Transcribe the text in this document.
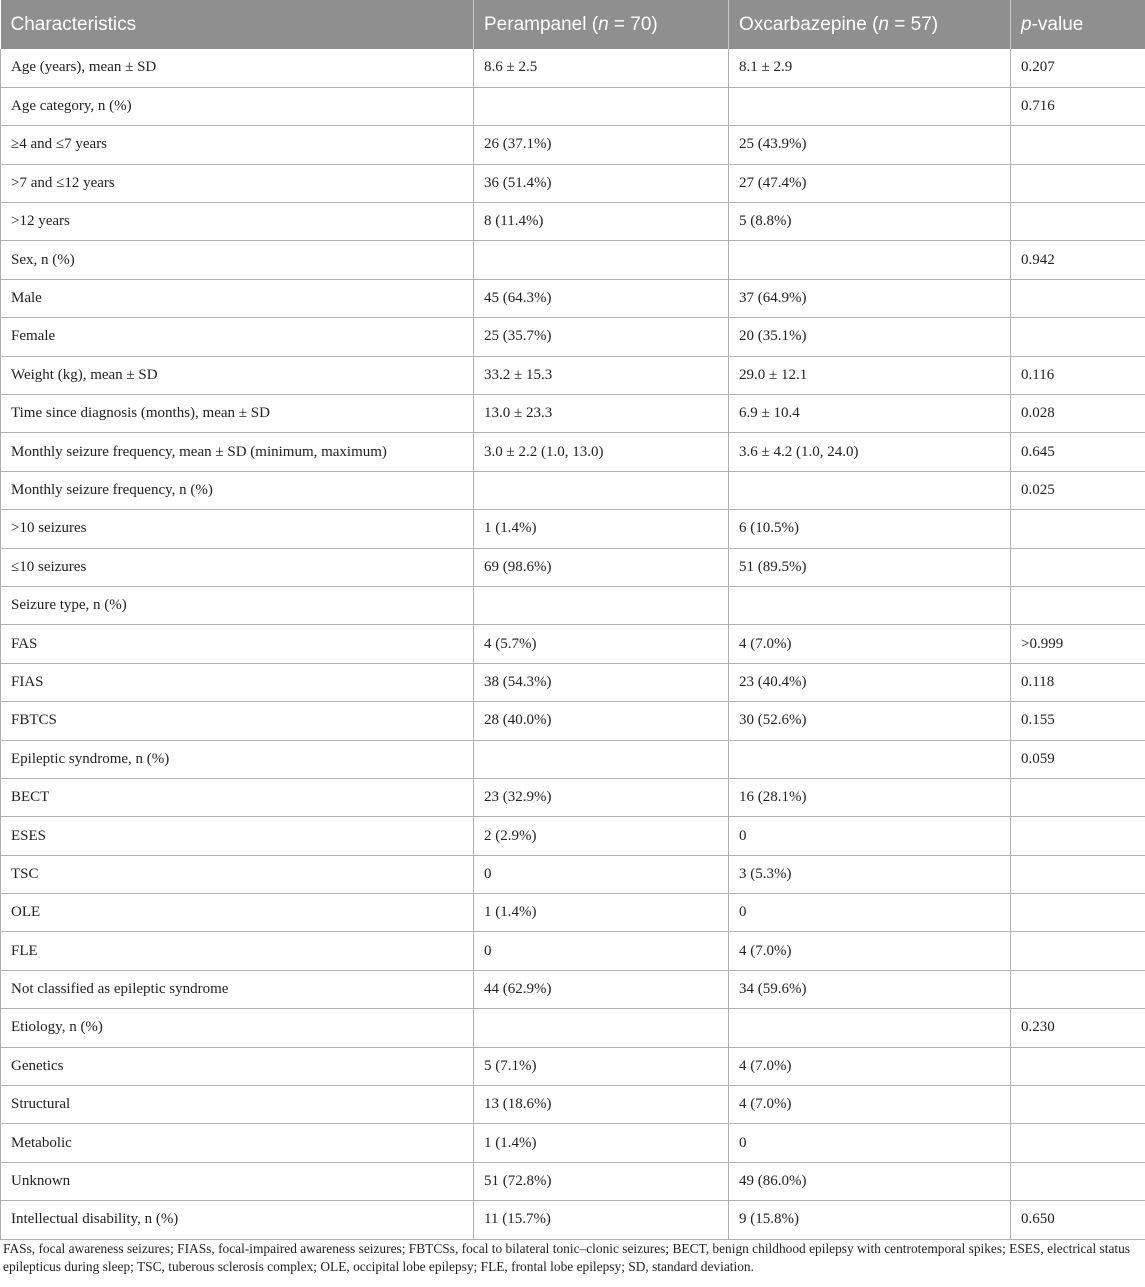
Characteristics	Perampanel (n = 70)	Oxcarbazepine (n = 57)	p-value
Age (years), mean ± SD	8.6 ± 2.5	8.1 ± 2.9	0.207
Age category, n (%)			0.716
≥4 and ≤7 years	26 (37.1%)	25 (43.9%)	
>7 and ≤12 years	36 (51.4%)	27 (47.4%)	
>12 years	8 (11.4%)	5 (8.8%)	
Sex, n (%)			0.942
Male	45 (64.3%)	37 (64.9%)	
Female	25 (35.7%)	20 (35.1%)	
Weight (kg), mean ± SD	33.2 ± 15.3	29.0 ± 12.1	0.116
Time since diagnosis (months), mean ± SD	13.0 ± 23.3	6.9 ± 10.4	0.028
Monthly seizure frequency, mean ± SD (minimum, maximum)	3.0 ± 2.2 (1.0, 13.0)	3.6 ± 4.2 (1.0, 24.0)	0.645
Monthly seizure frequency, n (%)			0.025
>10 seizures	1 (1.4%)	6 (10.5%)	
≤10 seizures	69 (98.6%)	51 (89.5%)	
Seizure type, n (%)			
FAS	4 (5.7%)	4 (7.0%)	>0.999
FIAS	38 (54.3%)	23 (40.4%)	0.118
FBTCS	28 (40.0%)	30 (52.6%)	0.155
Epileptic syndrome, n (%)			0.059
BECT	23 (32.9%)	16 (28.1%)	
ESES	2 (2.9%)	0	
TSC	0	3 (5.3%)	
OLE	1 (1.4%)	0	
FLE	0	4 (7.0%)	
Not classified as epileptic syndrome	44 (62.9%)	34 (59.6%)	
Etiology, n (%)			0.230
Genetics	5 (7.1%)	4 (7.0%)	
Structural	13 (18.6%)	4 (7.0%)	
Metabolic	1 (1.4%)	0	
Unknown	51 (72.8%)	49 (86.0%)	
Intellectual disability, n (%)	11 (15.7%)	9 (15.8%)	0.650
FASs, focal awareness seizures; FIASs, focal-impaired awareness seizures; FBTCSs, focal to bilateral tonic–clonic seizures; BECT, benign childhood epilepsy with centrotemporal spikes; ESES, electrical status epilepticus during sleep; TSC, tuberous sclerosis complex; OLE, occipital lobe epilepsy; FLE, frontal lobe epilepsy; SD, standard deviation.
